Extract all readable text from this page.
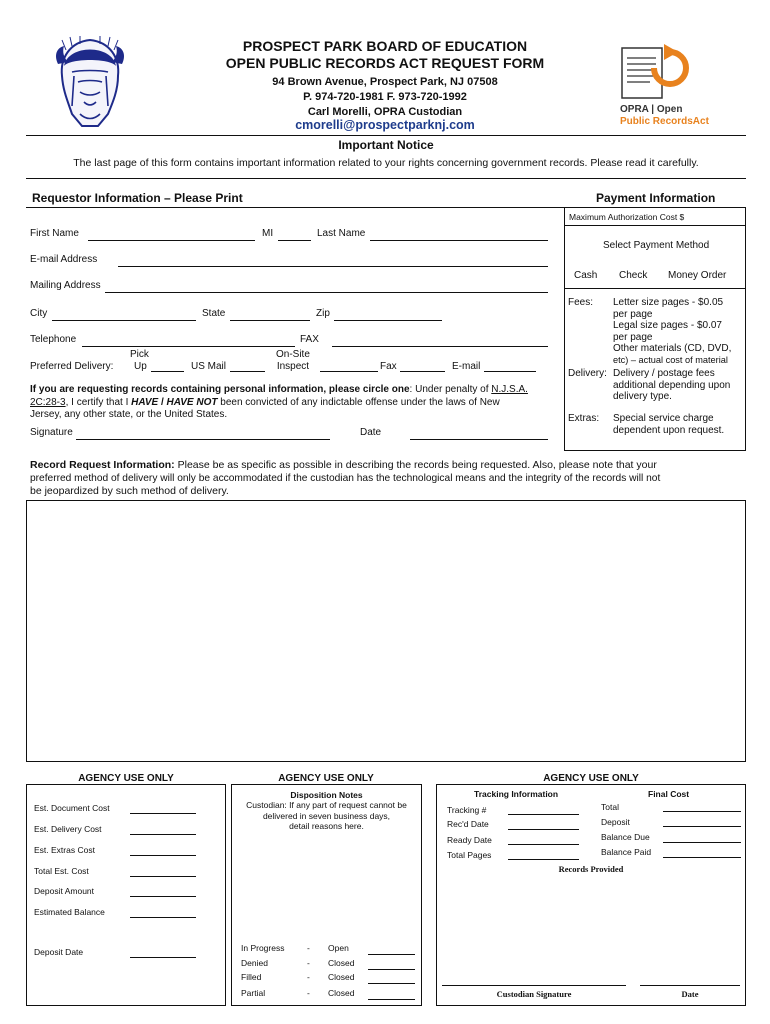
PROSPECT PARK BOARD OF EDUCATION
OPEN PUBLIC RECORDS ACT REQUEST FORM
94 Brown Avenue, Prospect Park, NJ 07508
P. 974-720-1981 F. 973-720-1992
Carl Morelli, OPRA Custodian
cmorelli@prospectparknj.com
OPRA | Open
Public RecordsAct
Important Notice
The last page of this form contains important information related to your rights concerning government records. Please read it carefully.
Requestor Information – Please Print
First Name	MI	Last Name
E-mail Address
Mailing Address
City	State	Zip
Telephone	FAX
Preferred Delivery:
Pick
Up	US Mail
On-Site
Inspect	Fax	E-mail
If you are requesting records containing personal information, please circle one: Under penalty of N.J.S.A.
2C:28-3, I certify that I HAVE / HAVE NOT been convicted of any indictable offense under the laws of New
Jersey, any other state, or the United States.
Signature	Date
Payment Information
Maximum Authorization Cost $
Select Payment Method
Cash Check Money Order
Fees: Letter size pages - $0.05
per page
Legal size pages - $0.07
per page
Other materials (CD, DVD,
etc) – actual cost of material
Delivery: Delivery / postage fees
additional depending upon
delivery type.
Extras: Special service charge
dependent upon request.
Record Request Information: Please be as specific as possible in describing the records being requested. Also, please note that your
preferred method of delivery will only be accommodated if the custodian has the technological means and the integrity of the records will not
be jeopardized by such method of delivery.
AGENCY USE ONLY
Est. Document Cost
Est. Delivery Cost
Est. Extras Cost
Total Est. Cost
Deposit Amount
Estimated Balance
Deposit Date
AGENCY USE ONLY
Disposition Notes
Custodian: If any part of request cannot be
delivered in seven business days,
detail reasons here.
In Progress	- Open
Denied	- Closed
Filled	- Closed
Partial	- Closed
AGENCY USE ONLY
Tracking Information	Final Cost
Tracking #
Rec'd Date
Ready Date
Total Pages
Total
Deposit
Balance Due
Balance Paid
Records Provided
Custodian Signature	Date
